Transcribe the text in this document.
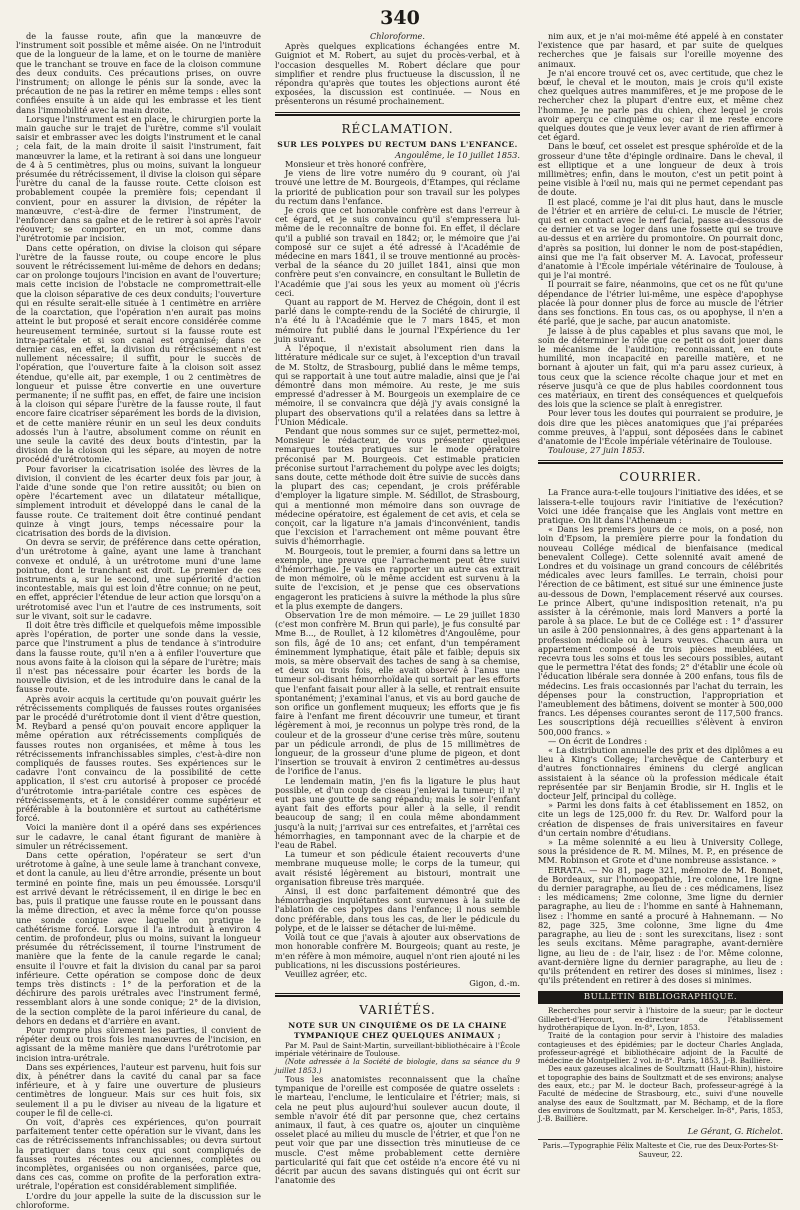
340

de la fausse route, afin que la manœuvre de l'instrument soit possible et même aisée. On ne l'introduit que de la longueur de la lame, et on le tourne de manière que le tranchant se trouve en face de la cloison commune des deux conduits. Ces précautions prises, on ouvre l'instrument; on allonge le pénis sur la sonde, avec la précaution de ne pas la retirer en même temps : elles sont confiées ensuite à un aide qui les embrasse et les tient dans l'immobilité avec la main droite.

Lorsque l'instrument est en place, le chirurgien porte la main gauche sur le trajet de l'urètre, comme s'il voulait saisir et embrasser avec les doigts l'instrument et le canal ; cela fait, de la main droite il saisit l'instrument, fait manœuvrer la lame, et la retirant à soi dans une longueur de 4 à 5 centimètres, plus ou moins, suivant la longueur présumée du rétrécissement, il divise la cloison qui sépare l'urètre du canal de la fausse route. Cette cloison est probablement coupée la première fois; cependant il convient, pour en assurer la division, de répéter la manœuvre, c'est-à-dire de fermer l'instrument, de l'enfoncer dans sa gaîne et de le retirer à soi après l'avoir réouvert; se comporter, en un mot, comme dans l'urétrotomie par incision.

Dans cette opération, on divise la cloison qui sépare l'urètre de la fausse route, ou coupe encore le plus souvent le rétrécissement lui-même de dehors en dedans; car on prolonge toujours l'incision en avant de l'ouverture; mais cette incision de l'obstacle ne compromettrait-elle que la cloison séparative de ces deux conduits; l'ouverture qui en résulte serait-elle située à 1 centimètre en arrière de la coarctation, que l'opération n'en aurait pas moins atteint le but proposé et serait encore considérée comme heureusement terminée, surtout si la fausse route est intra-pariétale et si son canal est organisé; dans ce dernier cas, en effet, la division du rétrécissement n'est nullement nécessaire; il suffit, pour le succès de l'opération, que l'ouverture faite à la cloison soit assez étendue, qu'elle ait, par exemple, 1 ou 2 centimètres de longueur et puisse être convertie en une ouverture permanente; il ne suffit pas, en effet, de faire une incision à la cloison qui sépare l'urètre de la fausse route, il faut encore faire cicatriser séparément les bords de la division, et de cette manière réunir en un seul les deux conduits adossés l'un à l'autre, absolument comme on réunit en une seule la cavité des deux bouts d'intestin, par la division de la cloison qui les sépare, au moyen de notre procédé d'urétrotomie.

Pour favoriser la cicatrisation isolée des lèvres de la division, il convient de les écarter deux fois par jour, à l'aide d'une sonde que l'on retire aussitôt; ou bien on opère l'écartement avec un dilatateur métallique, simplement introduit et développé dans le canal de la fausse route. Ce traitement doit être continué pendant quinze à vingt jours, temps nécessaire pour la cicatrisation des bords de la division.

On devra se servir, de préférence dans cette opération, d'un urétrotome à gaîne, ayant une lame à tranchant convexe et ondulé, à un urétrotome muni d'une lame pointue, dont le tranchant est droit. Le premier de ces instruments a, sur le second, une supériorité d'action incontestable, mais qui est loin d'être connue; on ne peut, en effet, apprécier l'étendue de leur action que lorsqu'on a urétrotomisé avec l'un et l'autre de ces instruments, soit sur le vivant, soit sur le cadavre.

Il doit être très difficile et quelquefois même impossible après l'opération, de porter une sonde dans la vessie, parce que l'instrument a plus de tendance à s'introduire dans la fausse route, qu'il n'en a à enfiler l'ouverture que nous avons faite à la cloison qui la sépare de l'urètre; mais il n'est pas nécessaire pour écarter les bords de la nouvelle division, et de les introduire dans le canal de la fausse route.

Après avoir acquis la certitude qu'on pouvait guérir les rétrécissements compliqués de fausses routes organisées par le procédé d'urétrotomie dont il vient d'être question, M. Reybard a pensé qu'on pouvait encore appliquer la même opération aux rétrécissements compliqués de fausses routes non organisées, et même à tous les rétrécissements infranchissables simples, c'est-à-dire non compliqués de fausses routes. Ses expériences sur le cadavre l'ont convaincu de la possibilité de cette application, il s'est cru autorisé à proposer ce procédé d'urétrotomie intra-pariétale contre ces espèces de rétrécissements, et à le considérer comme supérieur et préférable à la boutonnière et surtout au cathétérisme forcé.

Voici la manière dont il a opéré dans ses expériences sur le cadavre, le canal étant figurant de manière à simuler un rétrécissement.

Dans cette opération, l'opérateur se sert d'un urétrotome à gaîne, à une seule lame à tranchant convexe, et dont la canule, au lieu d'être arrondie, présente un bout terminé en pointe fine, mais un peu émoussée. Lorsqu'il est arrivé devant le rétrécissement, il en dirige le bec en bas, puis il pratique une fausse route en le poussant dans la même direction, et avec la même force qu'on pousse une sonde conique avec laquelle on pratique le cathétérisme forcé. Lorsque il l'a introduit à environ 4 centim. de profondeur, plus ou moins, suivant la longueur présumée du rétrécissement, il tourne l'instrument de manière que la fente de la canule regarde le canal; ensuite il l'ouvre et fait la division du canal par sa paroi inférieure. Cette opération se compose donc de deux temps très distincts : 1° de la perforation et de la déchirure des parois urétrales avec l'instrument fermé, ressemblant alors à une sonde conique; 2° de la division, de la section complète de la paroi inférieure du canal, de dehors en dedans et d'arrière en avant.

Pour rompre plus sûrement les parties, il convient de répéter deux ou trois fois les manœuvres de l'incision, en agissant de la même manière que dans l'urétrotomie par incision intra-urétrale.

Dans ses expériences, l'auteur est parvenu, huit fois sur dix, à pénétrer dans la cavité du canal par sa face inférieure, et à y faire une ouverture de plusieurs centimètres de longueur. Mais sur ces huit fois, six seulement il a pu le diviser au niveau de la ligature et couper le fil de celle-ci.

On voit, d'après ces expériences, qu'on pourrait parfaitement tenter cette opération sur le vivant, dans les cas de rétrécissements infranchissables; ou devra surtout la pratiquer dans tous ceux qui sont compliqués de fausses routes récentes ou anciennes, complètes ou incomplètes, organisées ou non organisées, parce que, dans ces cas, comme on profite de la perforation extra-urétrale, l'opération est considérablement simplifiée.

L'ordre du jour appelle la suite de la discussion sur le chloroforme.

Chloroforme.

Après quelques explications échangées entre M. Guigniot et M. Robert, au sujet du procès-verbal, et à l'occasion desquelles M. Robert déclare que pour simplifier et rendre plus fructueuse la discussion, il ne répondra qu'après que toutes les objections auront été exposées, la discussion est continuée. — Nous en présenterons un résumé prochainement.

RÉCLAMATION.
SUR LES POLYPES DU RECTUM DANS L'ENFANCE.

Angoulême, le 10 juillet 1853.

Monsieur et très honoré confrère,

Je viens de lire votre numéro du 9 courant, où j'ai trouvé une lettre de M. Bourgeois, d'Étampes, qui réclame la priorité de publication pour son travail sur les polypes du rectum dans l'enfance.

Je crois que cet honorable confrère est dans l'erreur à cet égard, et je suis convaincu qu'il s'empressera lui-même de le reconnaître de bonne foi. En effet, il déclare qu'il a publié son travail en 1842; or, le mémoire que j'ai composé sur ce sujet a été adressé à l'Académie de médecine en mars 1841, il se trouve mentionné au procès-verbal de la séance du 20 juillet 1841, ainsi que mon confrère peut s'en convaincre, en consultant le Bulletin de l'Académie que j'ai sous les yeux au moment où j'écris ceci.

Quant au rapport de M. Hervez de Chégoin, dont il est parlé dans le compte-rendu de la Société de chirurgie, il n'a été lu à l'Académie que le 7 mars 1845, et mon mémoire fut publié dans le journal l'Expérience du 1er juin suivant.

À l'époque, il n'existait absolument rien dans la littérature médicale sur ce sujet, à l'exception d'un travail de M. Stoltz, de Strasbourg, publié dans le même temps, qui se rapportait à une tout autre maladie, ainsi que je l'ai démontré dans mon mémoire. Au reste, je me suis empressé d'adresser à M. Bourgeois un exemplaire de ce mémoire, il se convaincra que déjà j'y avais consigné la plupart des observations qu'il a relatées dans sa lettre à l'Union Médicale.

Pendant que nous sommes sur ce sujet, permettez-moi, Monsieur le rédacteur, de vous présenter quelques remarques toutes pratiques sur le mode opératoire préconisé par M. Bourgeois. Cet estimable praticien préconise surtout l'arrachement du polype avec les doigts; sans doute, cette méthode doit être suivie de succès dans la plupart des cas; cependant, je crois préférable d'employer la ligature simple. M. Sédillot, de Strasbourg, qui a mentionné mon mémoire dans son ouvrage de médecine opératoire, est également de cet avis, et cela se conçoit, car la ligature n'a jamais d'inconvénient, tandis que l'excision et l'arrachement ont même pouvant être suivis d'hémorrhagie.

M. Bourgeois, tout le premier, a fourni dans sa lettre un exemple, une preuve que l'arrachement peut être suivi d'hémorrhagie. Je vais en rapporter un autre cas extrait de mon mémoire, où le même accident est survenu à la suite de l'excision, et je pense que ces observations engageront les praticiens à suivre la méthode la plus sûre et la plus exempte de dangers.

Observation 1re de mon mémoire. — Le 29 juillet 1830 (c'est mon confrère M. Brun qui parle), je fus consulté par Mme B..., de Roullet, à 12 kilomètres d'Angoulême, pour son fils, âgé de 10 ans; cet enfant, d'un tempérament éminemment lymphatique, était pâle et faible; depuis six mois, sa mère observait des taches de sang à sa chemise, et deux ou trois fois, elle avait observé à l'anus une tumeur sol-disant hémorrhoïdale qui sortait par les efforts que l'enfant faisait pour aller à la selle, et rentrait ensuite spontanément; j'examinai l'anus, et vis au bord gauche de son orifice un gonflement muqueux; les efforts que je fis faire à l'enfant me firent découvrir une tumeur, et tirant légèrement à moi, je reconnus un polype très rond, de la couleur et de la grosseur d'une cerise très mûre, soutenu par un pédicule arrondi, de plus de 15 millimètres de longueur, de la grosseur d'une plume de pigeon, et dont l'insertion se trouvait à environ 2 centimètres au-dessus de l'orifice de l'anus.

Le lendemain matin, j'en fis la ligature le plus haut possible, et d'un coup de ciseau j'enlevai la tumeur; il n'y eut pas une goutte de sang répandu; mais le soir l'enfant ayant fait des efforts pour aller à la selle, il rendit beaucoup de sang; il en coula même abondamment jusqu'à la nuit; j'arrivai sur ces entrefaites, et j'arrêtai ces hémorrhagies, en tamponnant avec de la charpie et de l'eau de Rabel.

La tumeur et son pédicule étaient recouverts d'une membrane muqueuse molle; le corps de la tumeur, qui avait résisté légèrement au bistouri, montrait une organisation fibreuse très marquée.

Ainsi, il est donc parfaitement démontré que des hémorrhagies inquiétantes sont survenues à la suite de l'ablation de ces polypes dans l'enfance; il nous semble donc préférable, dans tous les cas, de lier le pédicule du polype, et de le laisser se détacher de lui-même.

Voilà tout ce que j'avais à ajouter aux observations de mon honorable confrère M. Bourgeois; quant au reste, je m'en réfère à mon mémoire, auquel n'ont rien ajouté ni les publications, ni les discussions postérieures.

Veuillez agréer, etc.

Gigon, d.-m.

VARIÉTÉS.
NOTE SUR UN CINQUIÈME OS DE LA CHAINE TYMPANIQUE CHEZ QUELQUES ANIMAUX ;

Par M. Paul de Saint-Martin, surveillant-bibliothécaire à l'École impériale vétérinaire de Toulouse.

(Note adressée à la Société de biologie, dans sa séance du 9 juillet 1853.)

Tous les anatomistes reconnaissent que la chaîne tympanique de l'oreille est composée de quatre osselets : le marteau, l'enclume, le lenticulaire et l'étrier; mais, si cela ne peut plus aujourd'hui soulever aucun doute, il semble n'avoir été dit par personne que, chez certains animaux, il faut, à ces quatre os, ajouter un cinquième osselet placé au milieu du muscle de l'étrier, et que l'on ne peut voir que par une dissection très minutieuse de ce muscle. C'est même probablement cette dernière particularité qui fait que cet ostéide n'a encore été vu ni décrit par aucun des savans distingués qui ont écrit sur l'anatomie des

nim aux, et je n'ai moi-même été appelé à en constater l'existence que par hasard, et par suite de quelques recherches que je faisais sur l'oreille moyenne des animaux.

Je n'ai encore trouvé cet os, avec certitude, que chez le bœuf, le cheval et le mouton, mais je crois qu'il existe chez quelques autres mammifères, et je me propose de le rechercher chez la plupart d'entre eux, et même chez l'homme. Je ne parle pas du chien, chez lequel je crois avoir aperçu ce cinquième os; car il me reste encore quelques doutes que je veux lever avant de rien affirmer à cet égard.

Dans le bœuf, cet osselet est presque sphéroïde et de la grosseur d'une tête d'épingle ordinaire. Dans le cheval, il est elliptique et a une longueur de deux à trois millimètres; enfin, dans le mouton, c'est un petit point à peine visible à l'œil nu, mais qui ne permet cependant pas de doute.

Il est placé, comme je l'ai dit plus haut, dans le muscle de l'étrier et en arrière de celui-ci. Le muscle de l'étrier, qui est en contact avec le nerf facial, passe au-dessous de ce dernier et va se loger dans une fossette qui se trouve au-dessus et en arrière du promontoire. On pourrait donc, d'après sa position, lui donner le nom de post-stapédien, ainsi que me l'a fait observer M. A. Lavocat, professeur d'anatomie à l'École impériale vétérinaire de Toulouse, à qui je l'ai montré.

Il pourrait se faire, néanmoins, que cet os ne fût qu'une dépendance de l'étrier lui-même, une espèce d'apophyse placée là pour donner plus de force au muscle de l'étrier dans ses fonctions. En tous cas, os ou apophyse, il n'en a été parlé, que je sache, par aucun anatomiste.

Je laisse à de plus capables et plus savans que moi, le soin de déterminer le rôle que ce petit os doit jouer dans le mécanisme de l'audition; reconnaissant, en toute humilité, mon incapacité en pareille matière, et ne bornant à ajouter un fait, qui m'a paru assez curieux, à tous ceux que la science récolte chaque jour et met en réserve jusqu'à ce que de plus habiles coordonnent tous ces matériaux, en tirent des conséquences et quelquefois des lois que la science se plaît à enregistrer.

Pour lever tous les doutes qui pourraient se produire, je dois dire que les pièces anatomiques que j'ai préparées comme preuves, à l'appui, sont déposées dans le cabinet d'anatomie de l'École impériale vétérinaire de Toulouse.

Toulouse, 27 juin 1853.

COURRIER.

La France aura-t-elle toujours l'initiative des idées, et se laissera-t-elle toujours ravir l'initiative de l'exécution? Voici une idée française que les Anglais vont mettre en pratique. On lit dans l'Athenæum :

« Dans les premiers jours de ce mois, on a posé, non loin d'Epsom, la première pierre pour la fondation du nouveau Collége médical de bienfaisance (medical benevalent College). Cette solennité avait amené de Londres et du voisinage un grand concours de célébrités médicales avec leurs familles. Le terrain, choisi pour l'érection de ce bâtiment, est situé sur une éminence juste au-dessous de Down, l'emplacement réservé aux courses. Le prince Albert, qu'une indisposition retenait, n'a pu assister à la cérémonie, mais lord Manvers a porté la parole à sa place. Le but de ce Collége est : 1° d'assurer un asile à 200 pensionnaires, à des gens appartenant à la profession médicale ou à leurs veuves. Chacun aura un appartement composé de trois pièces meublées, et recevra tous les soins et tous les secours possibles, autant que le permettra l'état des fonds; 2° d'établir une école où l'éducation libérale sera donnée à 200 enfans, tous fils de médecins. Les frais occasionnés par l'achat du terrain, les dépenses pour la construction, l'appropriation et l'ameublement des bâtimens, doivent se monter à 500,000 francs. Les dépenses courantes seront de 117,500 francs. Les souscriptions déjà recueillies s'élèvent à environ 500,000 francs. »

— On écrit de Londres :

« La distribution annuelle des prix et des diplômes a eu lieu à King's College; l'archevêque de Canterbury et d'autres fonctionnaires éminens du clergé anglican assistaient à la séance où la profession médicale était représentée par sir Benjamin Brodie, sir H. Inglis et le docteur Jelf, principal du collège.

» Parmi les dons faits à cet établissement en 1852, on cite un legs de 125,000 fr. du Rev. Dr. Walford pour la création de dispenses de frais universitaires en faveur d'un certain nombre d'étudians.

» La même solennité a eu lieu à University College, sous la présidence de R. M. Milnes, M. P., en présence de MM. Robinson et Grote et d'une nombreuse assistance. »

ERRATA. — No 81, page 321, mémoire de M. Bonnet, de Bordeaux, sur l'homoeopathie, 1re colonne, 1re ligne du dernier paragraphe, au lieu de : ces médicamens, lisez : les médicamens; 2me colonne, 3me ligne du dernier paragraphe, au lieu de : l'homme en santé à Hahnemann, lisez : l'homme en santé a procuré à Hahnemann. — No 82, page 325, 3me colonne, 3me ligne du 4me paragraphe, au lieu de : sont les surexcitans, lisez : sont les seuls excitans. Même paragraphe, avant-dernière ligne, au lieu de : de l'air, lisez : de l'or. Même colonne, avant-dernière ligne du dernier paragraphe, au lieu de : qu'ils prétendent en retirer des doses si minimes, lisez : qu'ils prétendent en retirer à des doses si minimes.

BULLETIN BIBLIOGRAPHIQUE.

Recherches pour servir à l'histoire de la sueur; par le docteur Gillebert-d'Hercourt, ex-directeur de l'établissement hydrothérapique de Lyon. In-8°, Lyon, 1853.

Traité de la contagion pour servir à l'histoire des maladies contagieuses et des épidémies; par le docteur Charles Anglada, professeur-agrégé et bibliothécaire adjoint de la Faculté de médecine de Montpellier. 2 vol. in-8°. Paris, 1853, J.-B. Baillière.

Des eaux gazeuses alcalines de Soultzmatt (Haut-Rhin), histoire et topographie des bains de Soultzmatt et de ses environs; analyse des eaux, etc.; par M. le docteur Bach, professeur-agrégé à la Faculté de médecine de Strasbourg, etc., suivi d'une nouvelle analyse des eaux de Soultzmatt, par M. Béchamp, et de la flore des environs de Soultzmatt, par M. Kerschelger. In-8°, Paris, 1853, J.-B. Baillière.

Le Gérant, G. Richelot.

Paris.—Typographie Félix Malteste et Cie, rue des Deux-Portes-St-Sauveur, 22.
